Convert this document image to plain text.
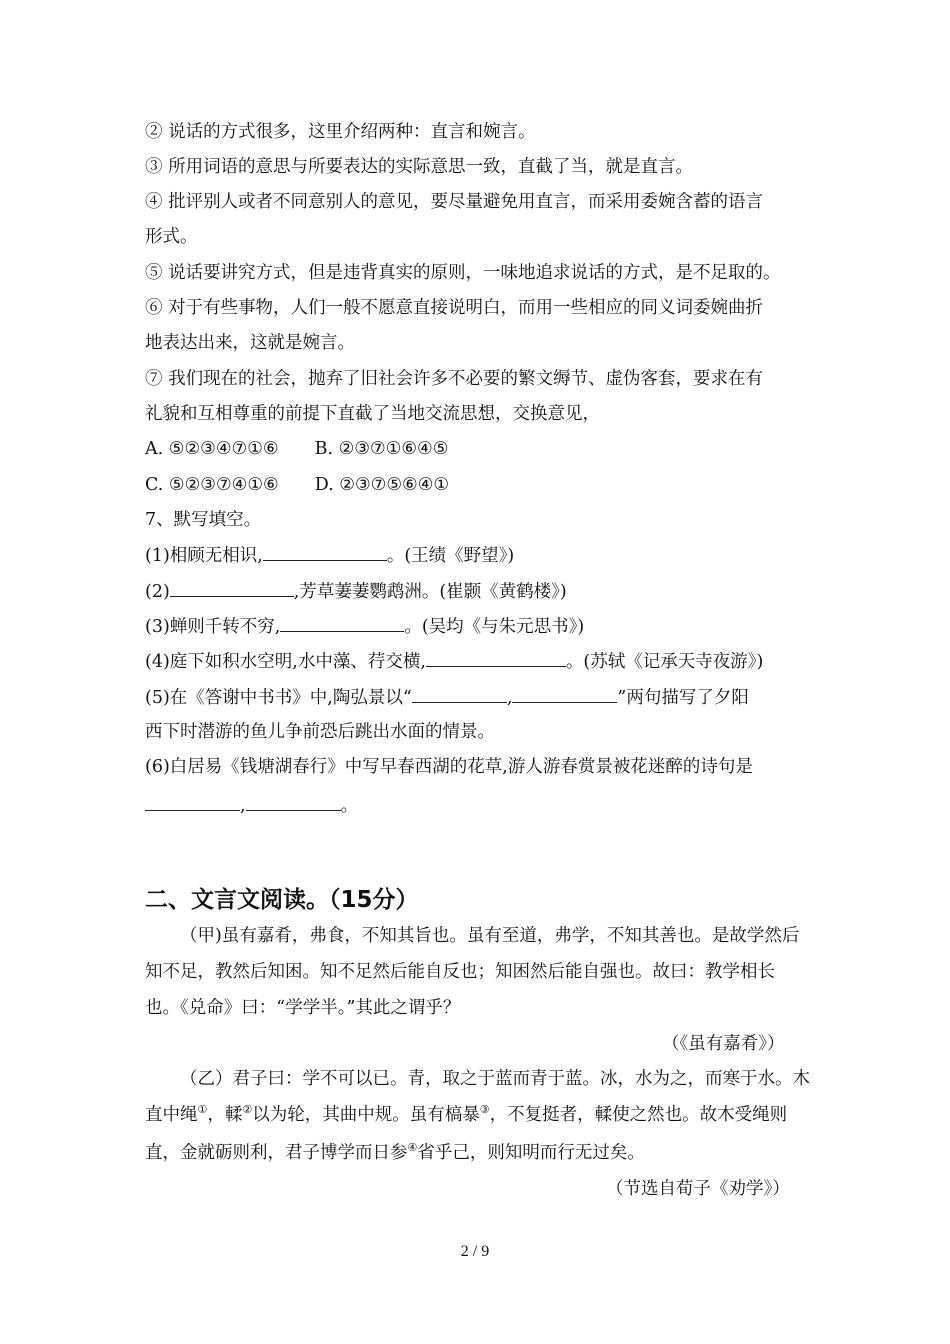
② 说话的方式很多，这里介绍两种：直言和婉言。
③ 所用词语的意思与所要表达的实际意思一致，直截了当，就是直言。
④ 批评别人或者不同意别人的意见，要尽量避免用直言，而采用委婉含蓄的语言
形式。
⑤ 说话要讲究方式，但是违背真实的原则，一味地追求说话的方式，是不足取的。
⑥ 对于有些事物，人们一般不愿意直接说明白，而用一些相应的同义词委婉曲折
地表达出来，这就是婉言。
⑦ 我们现在的社会，抛弃了旧社会许多不必要的繁文缛节、虚伪客套，要求在有
礼貌和互相尊重的前提下直截了当地交流思想，交换意见，
A. ⑤②③④⑦①⑥ B. ②③⑦①⑥④⑤
C. ⑤②③⑦④①⑥ D. ②③⑦⑤⑥④①
7、默写填空。
(1)相顾无相识,	。(王绩《野望》)
(2)	,芳草萋萋鹦鹉洲。(崔颢《黄鹤楼》)
(3)蝉则千转不穷,	。(吴均《与朱元思书》)
(4)庭下如积水空明,水中藻、荇交横,	。(苏轼《记承天寺夜游》)
(5)在《答谢中书书》中,陶弘景以“	,	”两句描写了夕阳
西下时潜游的鱼儿争前恐后跳出水面的情景。
(6)白居易《钱塘湖春行》中写早春西湖的花草,游人游春赏景被花迷醉的诗句是
,	。
二、文言文阅读。（15分）
（甲)虽有嘉肴，弗食，不知其旨也。虽有至道，弗学，不知其善也。是故学然后
知不足，教然后知困。知不足然后能自反也；知困然后能自强也。故曰：教学相长
也。《兑命》曰：“学学半。”其此之谓乎？
（《虽有嘉肴》）
（乙）君子曰：学不可以已。青，取之于蓝而青于蓝。冰，水为之，而寒于水。木
直中绳①，輮②以为轮，其曲中规。虽有槁暴③，不复挺者，輮使之然也。故木受绳则
直，金就砺则利，君子博学而日参④省乎己，则知明而行无过矣。
（节选自荀子《劝学》）
2 / 9
